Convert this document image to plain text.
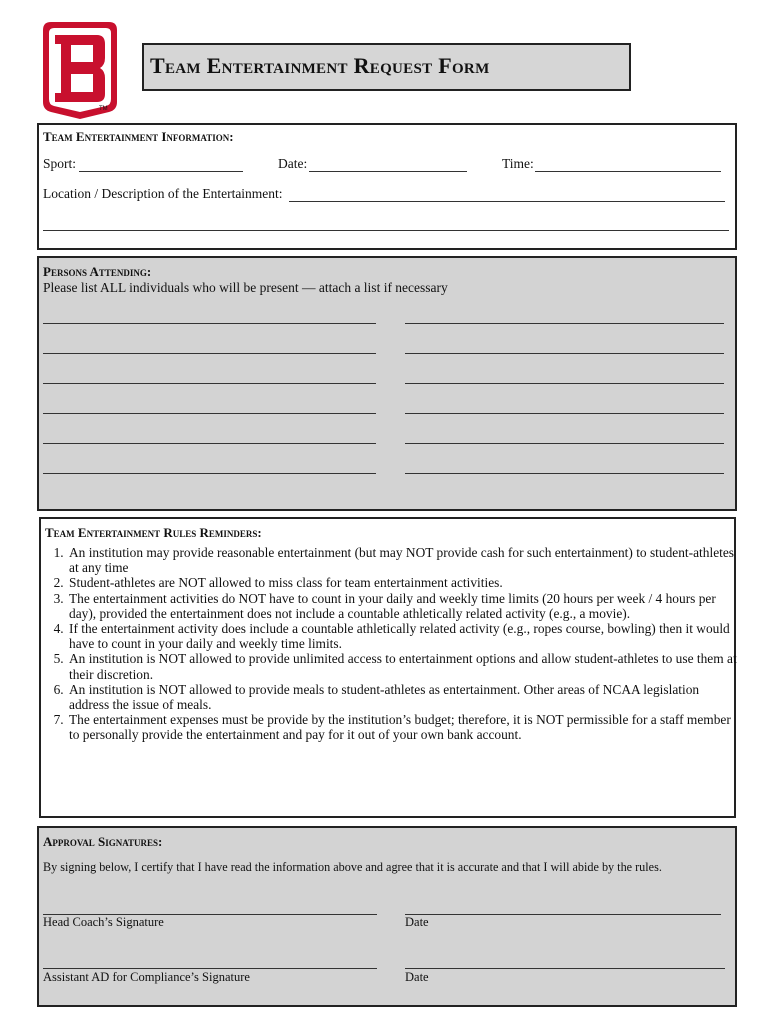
TM
Team Entertainment Request Form
Team Entertainment Information:
Sport:	Date:	Time:
Location / Description of the Entertainment:
Persons Attending:
Please list ALL individuals who will be present — attach a list if necessary
Team Entertainment Rules Reminders:
1. An institution may provide reasonable entertainment (but may NOT provide cash for such entertainment) to student-athletes at any time
2. Student-athletes are NOT allowed to miss class for team entertainment activities.
3. The entertainment activities do NOT have to count in your daily and weekly time limits (20 hours per week / 4 hours per day), provided the entertainment does not include a countable athletically related activity (e.g., a movie).
4. If the entertainment activity does include a countable athletically related activity (e.g., ropes course, bowling) then it would have to count in your daily and weekly time limits.
5. An institution is NOT allowed to provide unlimited access to entertainment options and allow student-athletes to use them at their discretion.
6. An institution is NOT allowed to provide meals to student-athletes as entertainment. Other areas of NCAA legislation address the issue of meals.
7. The entertainment expenses must be provide by the institution’s budget; therefore, it is NOT permissible for a staff member to personally provide the entertainment and pay for it out of your own bank account.
Approval Signatures:
By signing below, I certify that I have read the information above and agree that it is accurate and that I will abide by the rules.
Head Coach’s Signature	Date
Assistant AD for Compliance’s Signature	Date
